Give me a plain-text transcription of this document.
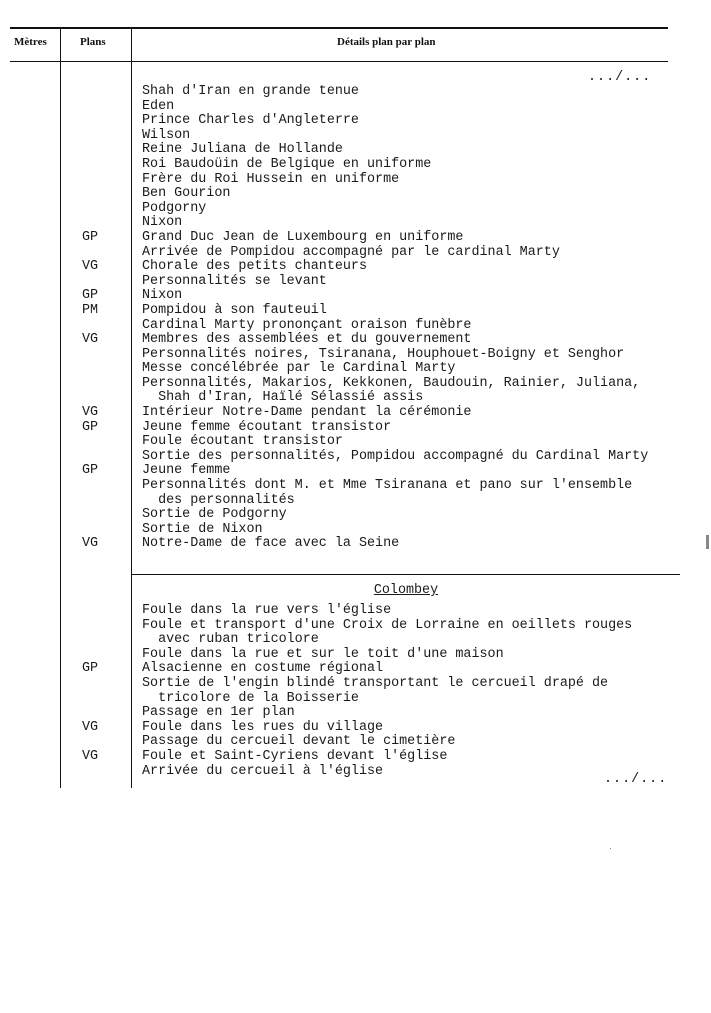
Mètres	Plans	Détails plan par plan
.../...
.../...
GP
VG
GP
PM
VG
VG
GP
GP
VG
Shah d'Iran en grande tenue
Eden
Prince Charles d'Angleterre
Wilson
Reine Juliana de Hollande
Roi Baudoüin de Belgique en uniforme
Frère du Roi Hussein en uniforme
Ben Gourion
Podgorny
Nixon
Grand Duc Jean de Luxembourg en uniforme
Arrivée de Pompidou accompagné par le cardinal Marty
Chorale des petits chanteurs
Personnalités se levant
Nixon
Pompidou à son fauteuil
Cardinal Marty prononçant oraison funèbre
Membres des assemblées et du gouvernement
Personnalités noires, Tsiranana, Houphouet-Boigny et Senghor
Messe concélébrée par le Cardinal Marty
Personnalités, Makarios, Kekkonen, Baudouin, Rainier, Juliana,
Shah d'Iran, Haïlé Sélassié assis
Intérieur Notre-Dame pendant la cérémonie
Jeune femme écoutant transistor
Foule écoutant transistor
Sortie des personnalités, Pompidou accompagné du Cardinal Marty
Jeune femme
Personnalités dont M. et Mme Tsiranana et pano sur l'ensemble
des personnalités
Sortie de Podgorny
Sortie de Nixon
Notre-Dame de face avec la Seine
Colombey
GP
VG
VG
Foule dans la rue vers l'église
Foule et transport d'une Croix de Lorraine en oeillets rouges
avec ruban tricolore
Foule dans la rue et sur le toit d'une maison
Alsacienne en costume régional
Sortie de l'engin blindé transportant le cercueil drapé de
tricolore de la Boisserie
Passage en 1er plan
Foule dans les rues du village
Passage du cercueil devant le cimetière
Foule et Saint-Cyriens devant l'église
Arrivée du cercueil à l'église
